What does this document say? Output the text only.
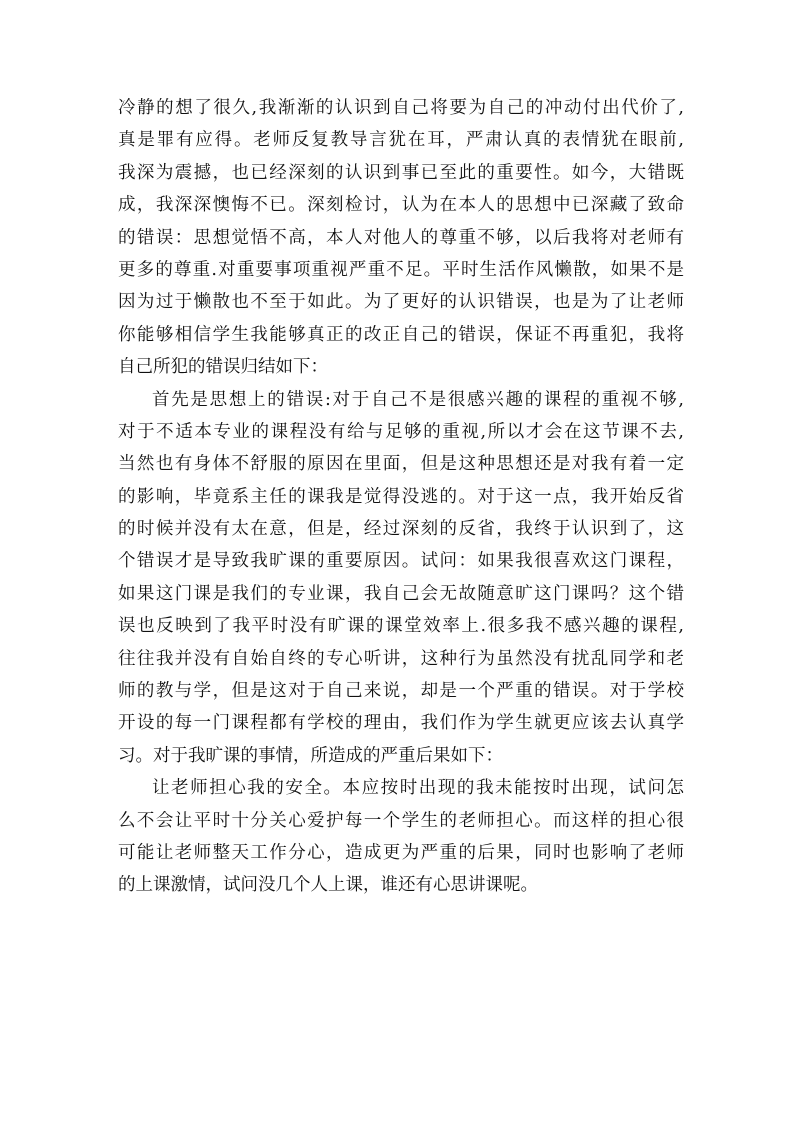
冷静的想了很久,我渐渐的认识到自己将要为自己的冲动付出代价了,
真是罪有应得。老师反复教导言犹在耳，严肃认真的表情犹在眼前,
我深为震撼，也已经深刻的认识到事已至此的重要性。如今，大错既
成，我深深懊悔不已。深刻检讨，认为在本人的思想中已深藏了致命
的错误：思想觉悟不高，本人对他人的尊重不够，以后我将对老师有
更多的尊重.对重要事项重视严重不足。平时生活作风懒散，如果不是
因为过于懒散也不至于如此。为了更好的认识错误，也是为了让老师
你能够相信学生我能够真正的改正自己的错误，保证不再重犯，我将
自己所犯的错误归结如下：
首先是思想上的错误:对于自己不是很感兴趣的课程的重视不够,
对于不适本专业的课程没有给与足够的重视,所以才会在这节课不去,
当然也有身体不舒服的原因在里面，但是这种思想还是对我有着一定
的影响，毕竟系主任的课我是觉得没逃的。对于这一点，我开始反省
的时候并没有太在意，但是，经过深刻的反省，我终于认识到了，这
个错误才是导致我旷课的重要原因。试问：如果我很喜欢这门课程，
如果这门课是我们的专业课，我自己会无故随意旷这门课吗？这个错
误也反映到了我平时没有旷课的课堂效率上.很多我不感兴趣的课程,
往往我并没有自始自终的专心听讲，这种行为虽然没有扰乱同学和老
师的教与学，但是这对于自己来说，却是一个严重的错误。对于学校
开设的每一门课程都有学校的理由，我们作为学生就更应该去认真学
习。对于我旷课的事情，所造成的严重后果如下：
让老师担心我的安全。本应按时出现的我未能按时出现，试问怎
么不会让平时十分关心爱护每一个学生的老师担心。而这样的担心很
可能让老师整天工作分心，造成更为严重的后果，同时也影响了老师
的上课激情，试问没几个人上课，谁还有心思讲课呢。
